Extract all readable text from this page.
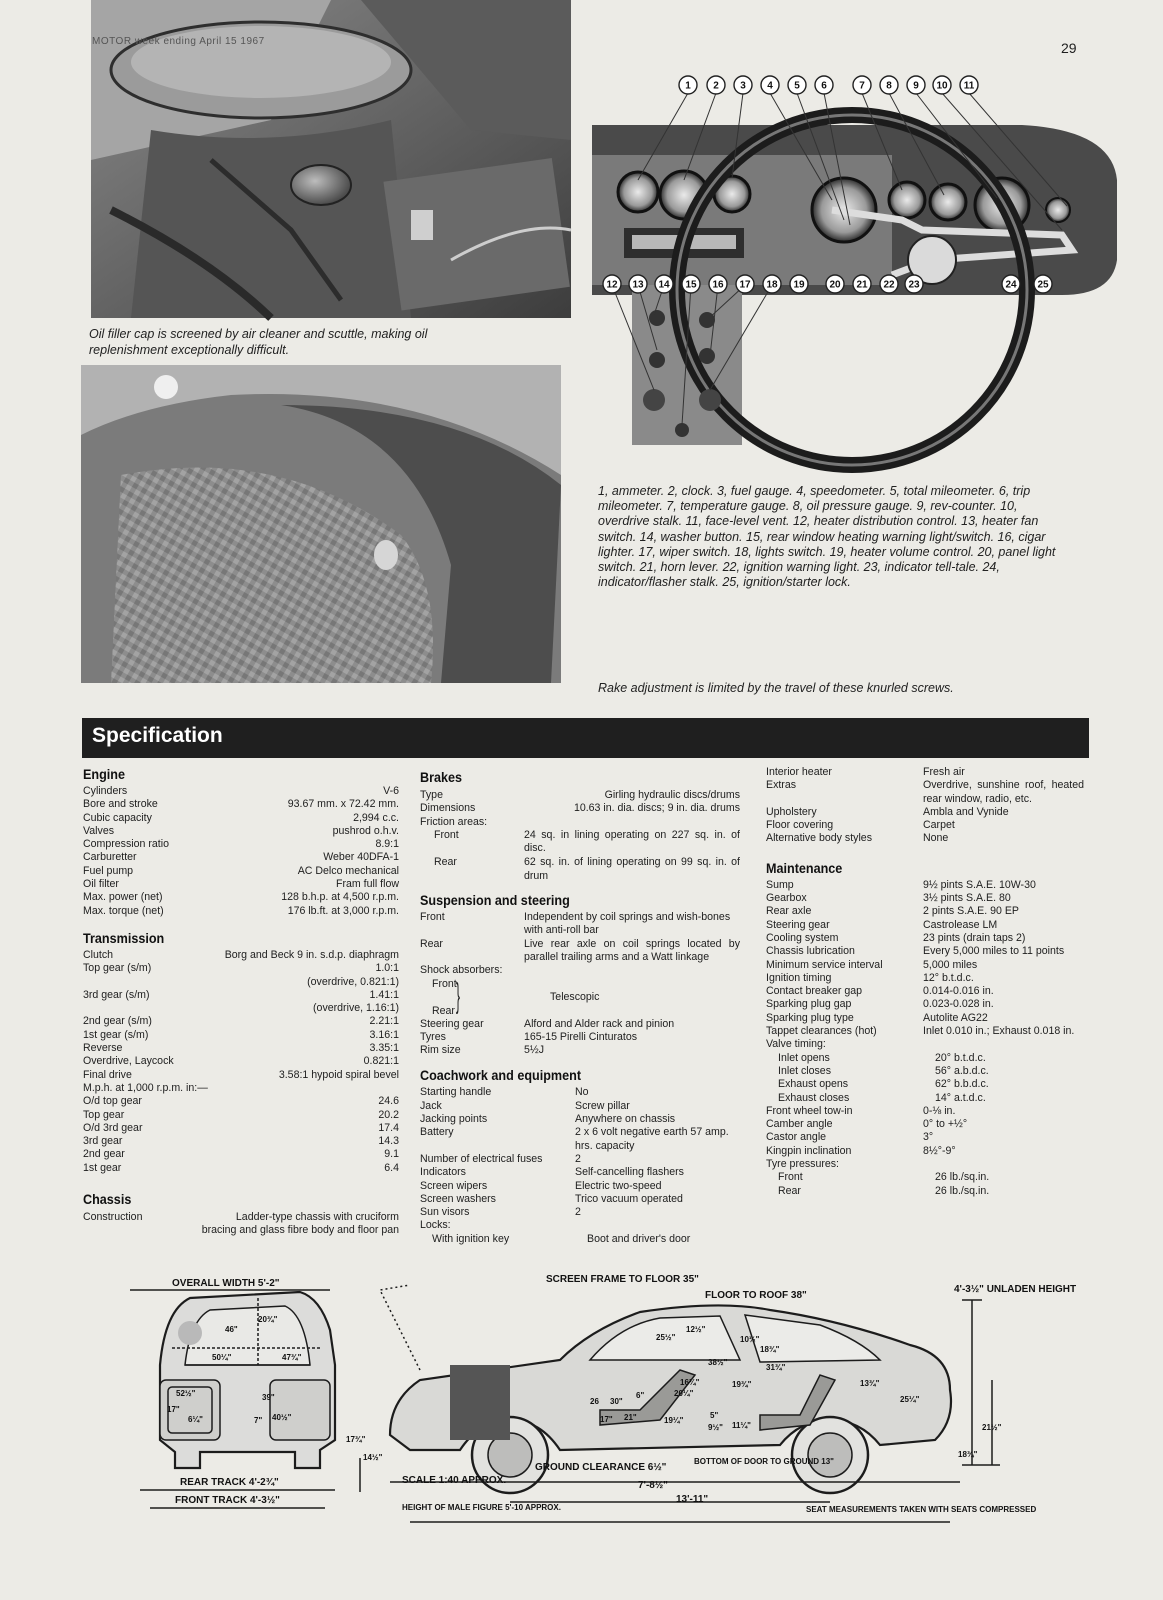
MOTOR week ending April 15 1967	29
Oil filler cap is screened by air cleaner and scuttle, making oil replenishment exceptionally difficult.
1 2 3 4 5 6	7 8 9 10 11
12 13 14 15 16 17 18 19 20 21 22 23	24 25
1, ammeter. 2, clock. 3, fuel gauge. 4, speedometer. 5, total mileometer. 6, trip mileometer. 7, temperature gauge. 8, oil pressure gauge. 9, rev-counter. 10, overdrive stalk. 11, face-level vent. 12, heater distribution control. 13, heater fan switch. 14, washer button. 15, rear window heating warning light/switch. 16, cigar lighter. 17, wiper switch. 18, lights switch. 19, heater volume control. 20, panel light switch. 21, horn lever. 22, ignition warning light. 23, indicator tell-tale. 24, indicator/flasher stalk. 25, ignition/starter lock.
Rake adjustment is limited by the travel of these knurled screws.
Specification
Engine
Cylinders	V-6
Bore and stroke	93.67 mm. x 72.42 mm.
Cubic capacity	2,994 c.c.
Valves	pushrod o.h.v.
Compression ratio	8.9:1
Carburetter	Weber 40DFA-1
Fuel pump	AC Delco mechanical
Oil filter	Fram full flow
Max. power (net)	128 b.h.p. at 4,500 r.p.m.
Max. torque (net)	176 lb.ft. at 3,000 r.p.m.
Transmission
Clutch	Borg and Beck 9 in. s.d.p. diaphragm
Top gear (s/m)	1.0:1
(overdrive, 0.821:1)
3rd gear (s/m)	1.41:1
(overdrive, 1.16:1)
2nd gear (s/m)	2.21:1
1st gear (s/m)	3.16:1
Reverse	3.35:1
Overdrive, Laycock	0.821:1
Final drive	3.58:1 hypoid spiral bevel
M.p.h. at 1,000 r.p.m. in:—
O/d top gear	24.6
Top gear	20.2
O/d 3rd gear	17.4
3rd gear	14.3
2nd gear	9.1
1st gear	6.4
Chassis
Construction	Ladder-type chassis with cruciform

bracing and glass fibre body and floor pan
Brakes
Type	Girling hydraulic discs/drums
Dimensions	10.63 in. dia. discs; 9 in. dia. drums
Friction areas:
Front	24 sq. in lining operating on 227 sq. in. of disc.
Rear	62 sq. in. of lining operating on 99 sq. in. of drum
Suspension and steering
Front	Independent by coil springs and wish-bones with anti-roll bar
Rear	Live rear axle on coil springs located by parallel trailing arms and a Watt linkage
Shock absorbers:
Front
Rear }	Telescopic
Steering gear	Alford and Alder rack and pinion
Tyres	165-15 Pirelli Cinturatos
Rim size	5½J
Coachwork and equipment
Starting handle	No
Jack	Screw pillar
Jacking points	Anywhere on chassis
Battery	2 x 6 volt negative earth 57 amp. hrs. capacity
Number of electrical fuses	2
Indicators	Self-cancelling flashers
Screen wipers	Electric two-speed
Screen washers	Trico vacuum operated
Sun visors	2
Locks:
With ignition key	Boot and driver's door
Interior heater	Fresh air
Extras	Overdrive, sunshine roof, heated rear window, radio, etc.
Upholstery	Ambla and Vynide
Floor covering	Carpet
Alternative body styles	None
Maintenance
Sump	9½ pints S.A.E. 10W-30
Gearbox	3½ pints S.A.E. 80
Rear axle	2 pints S.A.E. 90 EP
Steering gear	Castrolease LM
Cooling system	23 pints (drain taps 2)
Chassis lubrication	Every 5,000 miles to 11 points
Minimum service interval	5,000 miles
Ignition timing	12° b.t.d.c.
Contact breaker gap	0.014-0.016 in.
Sparking plug gap	0.023-0.028 in.
Sparking plug type	Autolite AG22
Tappet clearances (hot)	Inlet 0.010 in.; Exhaust 0.018 in.
Valve timing:
Inlet opens	20° b.t.d.c.
Inlet closes	56° a.b.d.c.
Exhaust opens	62° b.b.d.c.
Exhaust closes	14° a.t.d.c.
Front wheel tow-in	0-⅛ in.
Camber angle	0° to +½°
Castor angle	3°
Kingpin inclination	8½°-9°
Tyre pressures:
Front	26 lb./sq.in.
Rear	26 lb./sq.in.
OVERALL WIDTH 5'-2"
20¾"
46"
50¼"	47¾"
52½"
17"
6¼"
39"
7" 40½"
17¾"
14½"
REAR TRACK 4'-2¾"
FRONT TRACK 4'-3½"
SCREEN FRAME TO FLOOR 35"
FLOOR TO ROOF 38"
4'-3½" UNLADEN HEIGHT
25½"
12½"
10½"
18¾"
38½"
31¾"
16¼"
20¼"
19¾"
26 30"
6"
17" 21"	19¼"
5"
9½" 11¼"
13¾"
25¼"
21½"
18¾"
GROUND CLEARANCE 6½"
BOTTOM OF DOOR TO GROUND 13"
SCALE 1:40 APPROX.	7'-8½"
13'-11"
HEIGHT OF MALE FIGURE 5'-10 APPROX.	SEAT MEASUREMENTS TAKEN WITH SEATS COMPRESSED
